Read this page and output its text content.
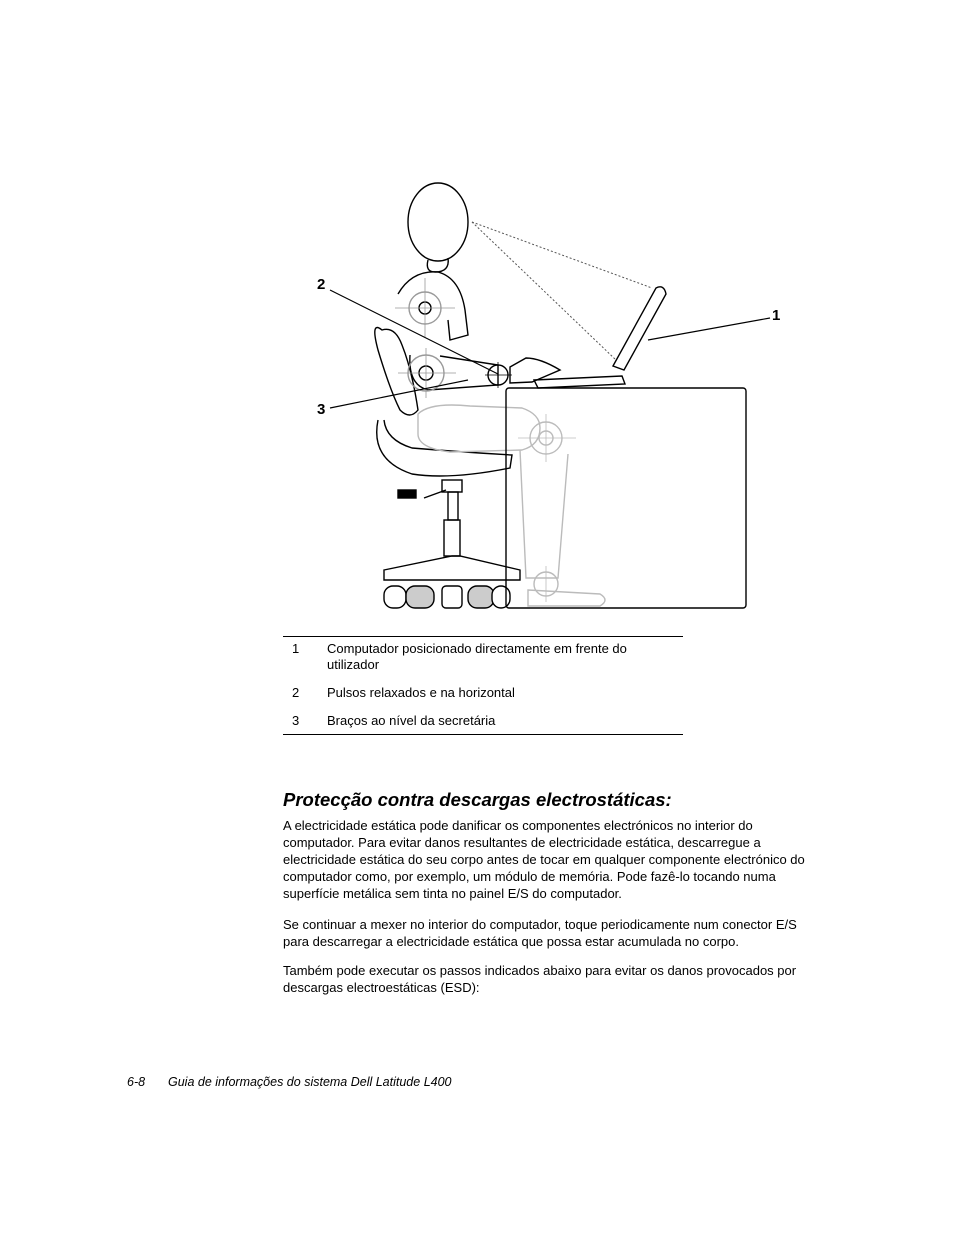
1
2
3
1	Computador posicionado directamente em frente do utilizador
2	Pulsos relaxados e na horizontal
3	Braços ao nível da secretária
Protecção contra descargas electrostáticas:

A electricidade estática pode danificar os componentes electrónicos no interior do computador. Para evitar danos resultantes de electricidade estática, descarregue a electricidade estática do seu corpo antes de tocar em qualquer componente electrónico do computador como, por exemplo, um módulo de memória. Pode fazê-lo tocando numa superfície metálica sem tinta no painel E/S do computador.

Se continuar a mexer no interior do computador, toque periodicamente num conector E/S para descarregar a electricidade estática que possa estar acumulada no corpo.

Também pode executar os passos indicados abaixo para evitar os danos provocados por descargas electroestáticas (ESD):

6-8 Guia de informações do sistema Dell Latitude L400
